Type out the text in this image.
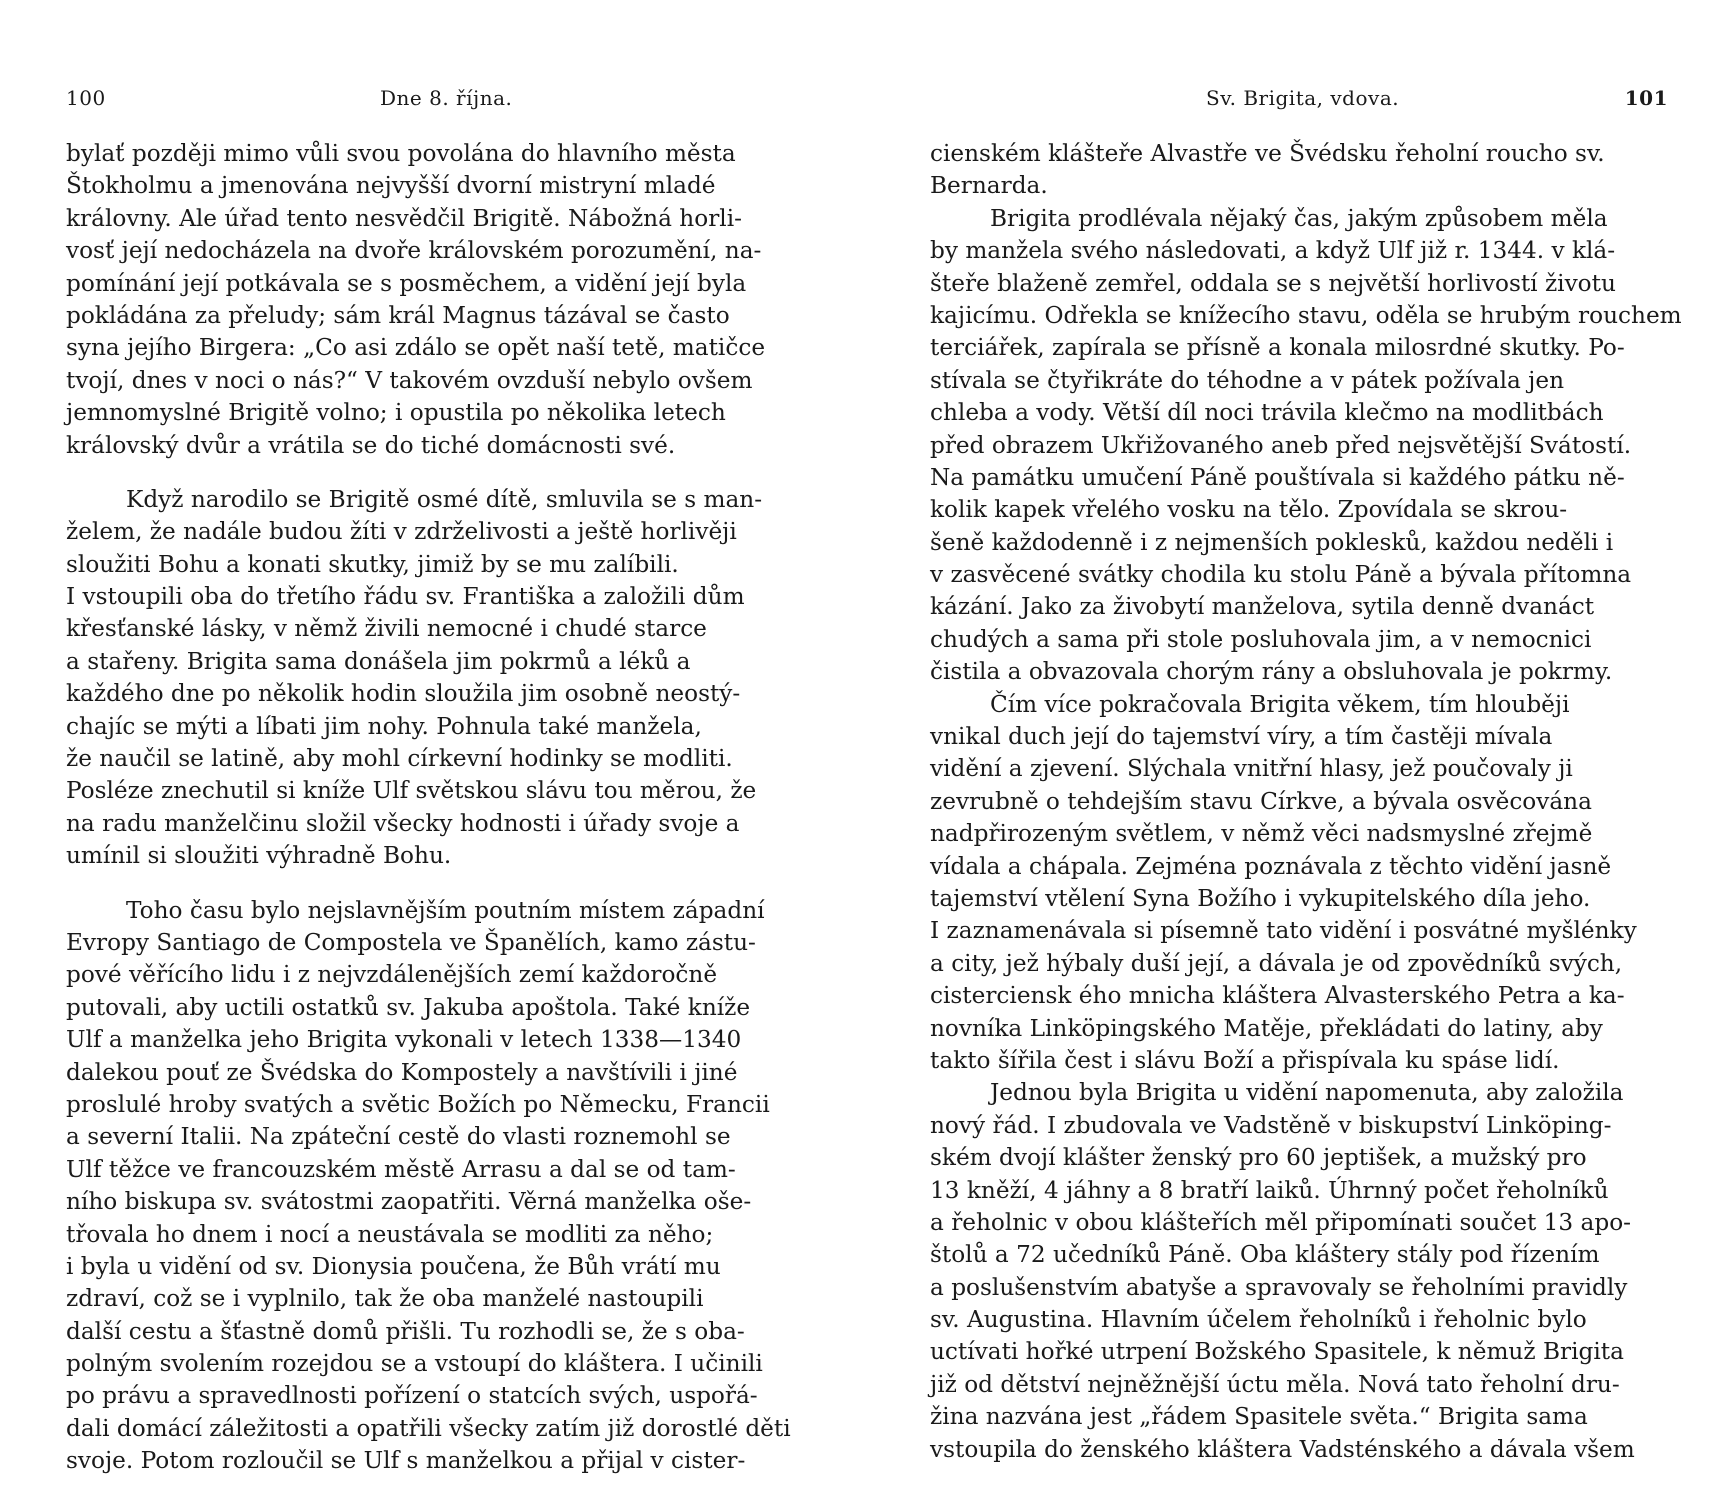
100	Dne 8. října.
bylať později mimo vůli svou povolána do hlavního města
Štokholmu a jmenována nejvyšší dvorní mistryní mladé
královny. Ale úřad tento nesvědčil Brigitě. Nábožná horli-
vosť její nedocházela na dvoře královském porozumění, na-
pomínání její potkávala se s posměchem, a vidění její byla
pokládána za přeludy; sám král Magnus tázával se často
syna jejího Birgera: „Co asi zdálo se opět naší tetě, matičce
tvojí, dnes v noci o nás?“ V takovém ovzduší nebylo ovšem
jemnomyslné Brigitě volno; i opustila po několika letech
královský dvůr a vrátila se do tiché domácnosti své.
Když narodilo se Brigitě osmé dítě, smluvila se s man-
želem, že nadále budou žíti v zdrželivosti a ještě horlivěji
sloužiti Bohu a konati skutky, jimiž by se mu zalíbili.
I vstoupili oba do třetího řádu sv. Františka a založili dům
křesťanské lásky, v němž živili nemocné i chudé starce
a stařeny. Brigita sama donášela jim pokrmů a léků a
každého dne po několik hodin sloužila jim osobně neostý-
chajíc se mýti a líbati jim nohy. Pohnula také manžela,
že naučil se latině, aby mohl církevní hodinky se modliti.
Posléze znechutil si kníže Ulf světskou slávu tou měrou, že
na radu manželčinu složil všecky hodnosti i úřady svoje a
umínil si sloužiti výhradně Bohu.
Toho času bylo nejslavnějším poutním místem západní
Evropy Santiago de Compostela ve Španělích, kamo zástu-
pové věřícího lidu i z nejvzdálenějších zemí každoročně
putovali, aby uctili ostatků sv. Jakuba apoštola. Také kníže
Ulf a manželka jeho Brigita vykonali v letech 1338—1340
dalekou pouť ze Švédska do Kompostely a navštívili i jiné
proslulé hroby svatých a světic Božích po Německu, Francii
a severní Italii. Na zpáteční cestě do vlasti roznemohl se
Ulf těžce ve francouzském městě Arrasu a dal se od tam-
ního biskupa sv. svátostmi zaopatřiti. Věrná manželka oše-
třovala ho dnem i nocí a neustávala se modliti za něho;
i byla u vidění od sv. Dionysia poučena, že Bůh vrátí mu
zdraví, což se i vyplnilo, tak že oba manželé nastoupili
další cestu a šťastně domů přišli. Tu rozhodli se, že s oba-
polným svolením rozejdou se a vstoupí do kláštera. I učinili
po právu a spravedlnosti pořízení o statcích svých, uspořá-
dali domácí záležitosti a opatřili všecky zatím již dorostlé děti
svoje. Potom rozloučil se Ulf s manželkou a přijal v cister-
Sv. Brigita, vdova.	101
cienském klášteře Alvastře ve Švédsku řeholní roucho sv.
Bernarda.
Brigita prodlévala nějaký čas, jakým způsobem měla
by manžela svého následovati, a když Ulf již r. 1344. v klá-
šteře blaženě zemřel, oddala se s největší horlivostí životu
kajicímu. Odřekla se knížecího stavu, oděla se hrubým rouchem
terciářek, zapírala se přísně a konala milosrdné skutky. Po-
stívala se čtyřikráte do téhodne a v pátek požívala jen
chleba a vody. Větší díl noci trávila klečmo na modlitbách
před obrazem Ukřižovaného aneb před nejsvětější Svátostí.
Na památku umučení Páně pouštívala si každého pátku ně-
kolik kapek vřelého vosku na tělo. Zpovídala se skrou-
šeně každodenně i z nejmenších poklesků, každou neděli i
v zasvěcené svátky chodila ku stolu Páně a bývala přítomna
kázání. Jako za živobytí manželova, sytila denně dvanáct
chudých a sama při stole posluhovala jim, a v nemocnici
čistila a obvazovala chorým rány a obsluhovala je pokrmy.
Čím více pokračovala Brigita věkem, tím hlouběji
vnikal duch její do tajemství víry, a tím častěji mívala
vidění a zjevení. Slýchala vnitřní hlasy, jež poučovaly ji
zevrubně o tehdejším stavu Církve, a bývala osvěcována
nadpřirozeným světlem, v němž věci nadsmyslné zřejmě
vídala a chápala. Zejména poznávala z těchto vidění jasně
tajemství vtělení Syna Božího i vykupitelského díla jeho.
I zaznamenávala si písemně tato vidění i posvátné myšlénky
a city, jež hýbaly duší její, a dávala je od zpovědníků svých,
cisterciensk ého mnicha kláštera Alvasterského Petra a ka-
novníka Linköpingského Matěje, překládati do latiny, aby
takto šířila čest i slávu Boží a přispívala ku spáse lidí.
Jednou byla Brigita u vidění napomenuta, aby založila
nový řád. I zbudovala ve Vadstěně v biskupství Linköping-
ském dvojí klášter ženský pro 60 jeptišek, a mužský pro
13 kněží, 4 jáhny a 8 bratří laiků. Úhrnný počet řeholníků
a řeholnic v obou klášteřích měl připomínati součet 13 apo-
štolů a 72 učedníků Páně. Oba kláštery stály pod řízením
a poslušenstvím abatyše a spravovaly se řeholními pravidly
sv. Augustina. Hlavním účelem řeholníků i řeholnic bylo
uctívati hořké utrpení Božského Spasitele, k němuž Brigita
již od dětství nejněžnější úctu měla. Nová tato řeholní dru-
žina nazvána jest „řádem Spasitele světa.“ Brigita sama
vstoupila do ženského kláštera Vadsténského a dávala všem
